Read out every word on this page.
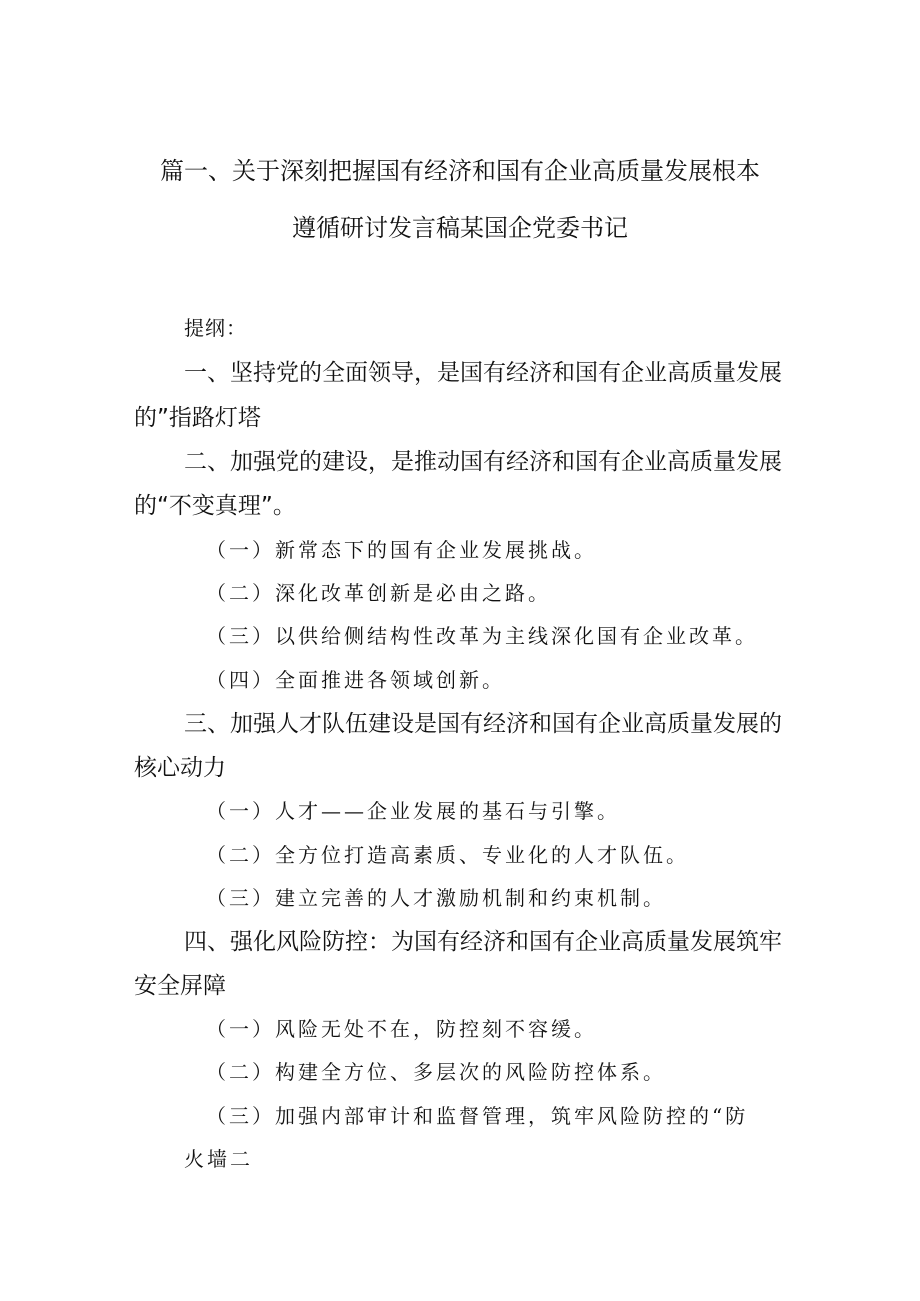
篇一、关于深刻把握国有经济和国有企业高质量发展根本
遵循研讨发言稿某国企党委书记
提纲：
一、坚持党的全面领导，是国有经济和国有企业高质量发展
的”指路灯塔
二、加强党的建设，是推动国有经济和国有企业高质量发展
的“不变真理”。
（一）新常态下的国有企业发展挑战。
（二）深化改革创新是必由之路。
（三）以供给侧结构性改革为主线深化国有企业改革。
（四）全面推进各领域创新。
三、加强人才队伍建设是国有经济和国有企业高质量发展的
核心动力
（一）人才——企业发展的基石与引擎。
（二）全方位打造高素质、专业化的人才队伍。
（三）建立完善的人才激励机制和约束机制。
四、强化风险防控：为国有经济和国有企业高质量发展筑牢
安全屏障
（一）风险无处不在，防控刻不容缓。
（二）构建全方位、多层次的风险防控体系。
（三）加强内部审计和监督管理，筑牢风险防控的“防
火墙二
